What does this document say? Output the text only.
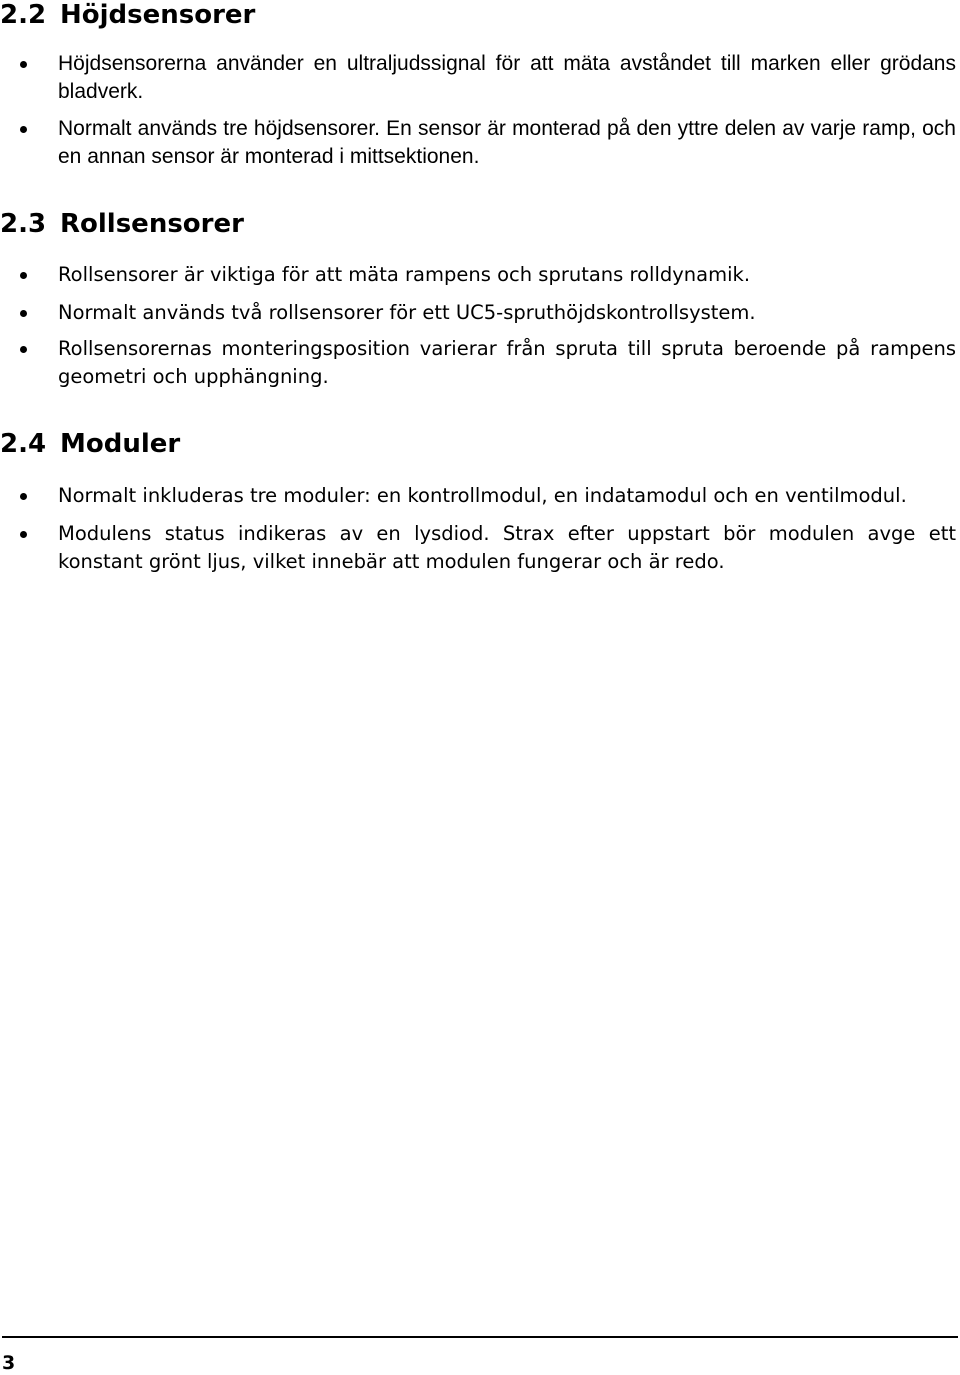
2.2 Höjdsensorer

Höjdsensorerna använder en ultraljudssignal för att mäta avståndet till marken eller grödans bladverk.

Normalt används tre höjdsensorer. En sensor är monterad på den yttre delen av varje ramp, och en annan sensor är monterad i mittsektionen.

2.3 Rollsensorer

Rollsensorer är viktiga för att mäta rampens och sprutans rolldynamik.

Normalt används två rollsensorer för ett UC5-spruthöjdskontrollsystem.

Rollsensorernas monteringsposition varierar från spruta till spruta beroende på rampens geometri och upphängning.

2.4 Moduler

Normalt inkluderas tre moduler: en kontrollmodul, en indatamodul och en ventilmodul.

Modulens status indikeras av en lysdiod. Strax efter uppstart bör modulen avge ett konstant grönt ljus, vilket innebär att modulen fungerar och är redo.

3
